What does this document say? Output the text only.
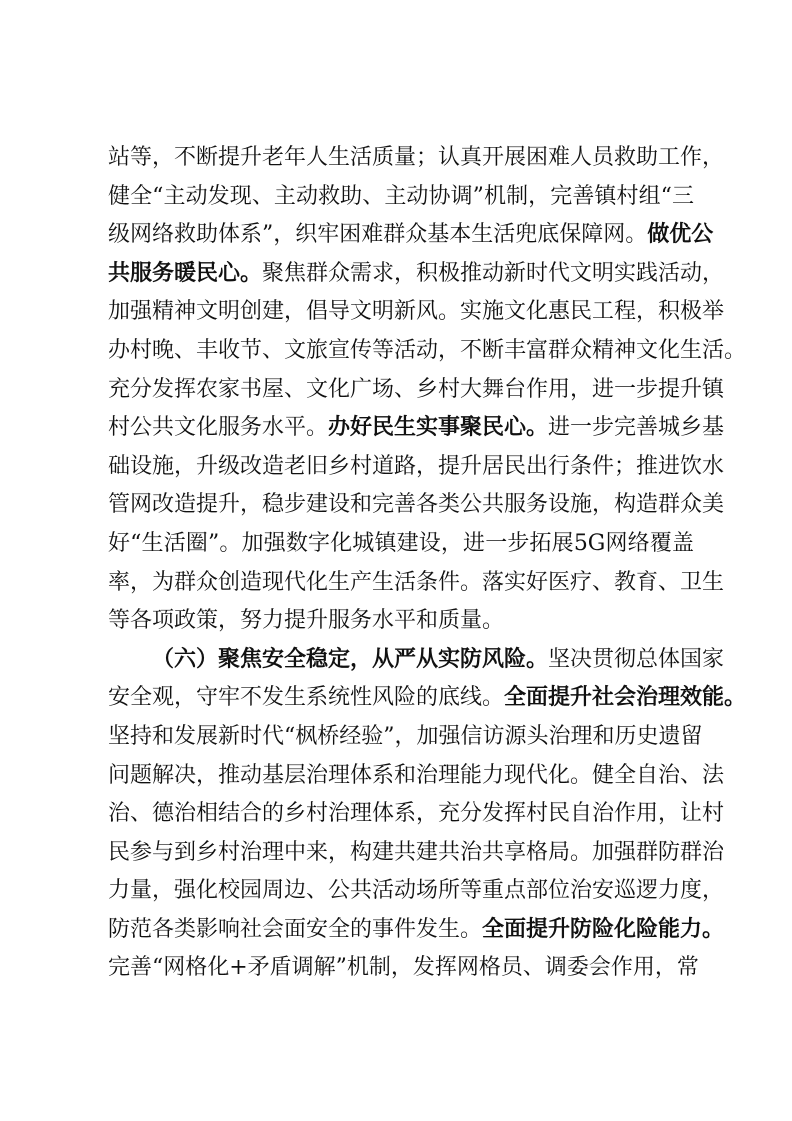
站等，不断提升老年人生活质量；认真开展困难人员救助工作，
健全“主动发现、主动救助、主动协调”机制，完善镇村组“三
级网络救助体系”，织牢困难群众基本生活兜底保障网。做优公
共服务暖民心。聚焦群众需求，积极推动新时代文明实践活动，
加强精神文明创建，倡导文明新风。实施文化惠民工程，积极举
办村晚、丰收节、文旅宣传等活动，不断丰富群众精神文化生活。
充分发挥农家书屋、文化广场、乡村大舞台作用，进一步提升镇
村公共文化服务水平。办好民生实事聚民心。进一步完善城乡基
础设施，升级改造老旧乡村道路，提升居民出行条件；推进饮水
管网改造提升，稳步建设和完善各类公共服务设施，构造群众美
好“生活圈”。加强数字化城镇建设，进一步拓展5G网络覆盖
率，为群众创造现代化生产生活条件。落实好医疗、教育、卫生
等各项政策，努力提升服务水平和质量。
（六）聚焦安全稳定，从严从实防风险。坚决贯彻总体国家
安全观，守牢不发生系统性风险的底线。全面提升社会治理效能。
坚持和发展新时代“枫桥经验”，加强信访源头治理和历史遗留
问题解决，推动基层治理体系和治理能力现代化。健全自治、法
治、德治相结合的乡村治理体系，充分发挥村民自治作用，让村
民参与到乡村治理中来，构建共建共治共享格局。加强群防群治
力量，强化校园周边、公共活动场所等重点部位治安巡逻力度，
防范各类影响社会面安全的事件发生。全面提升防险化险能力。
完善“网格化+矛盾调解”机制，发挥网格员、调委会作用，常
